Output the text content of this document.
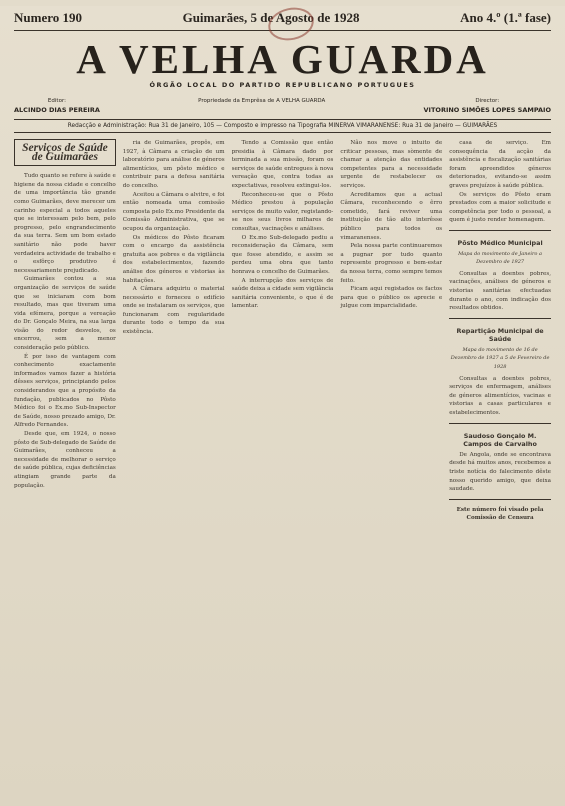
Numero 190	Guimarães, 5 de Agosto de 1928	Ano 4.º (1.ª fase)
A VELHA GUARDA
ÓRGÃO LOCAL DO PARTIDO REPUBLICANO PORTUGUES
Editor:
ALCINDO DIAS PEREIRA
Propriedade da Emprêsa de A VELHA GUARDA	Director:
VITORINO SIMÕES LOPES SAMPAIO
Redacção e Administração: Rua 31 de Janeiro, 105 — Composto e impresso na Tipografia MINERVA VIMARANENSE: Rua 31 de Janeiro — GUIMARÃES
Serviços de Saúde de Guimarães

Tudo quanto se refere à saúde e higiene da nossa cidade e concelho de uma importância tão grande como Guimarães, deve merecer um carinho especial a todos aqueles que se interessam pelo bem, pelo progresso, pelo engrandecimento da sua terra. Sem um bom estado sanitário não pode haver verdadeira actividade de trabalho e o esfôrço produtivo é necessariamente prejudicado.

Guimarães contou a sua organização de serviços de saúde que se iniciaram com bom resultado, mas que tiveram uma vida efémera, porque a vereação do Dr. Gonçalo Meira, na sua larga visão do redor desvelos, os encerrou, sem a menor consideração pelo público.

É por isso de vantagem com conhecimento exactamente informados vamos fazer a história dêsses serviços, principiando pelos considerandos que a propósito da fundação, publicados no Pôsto Médico foi o Ex.mo Sub-Inspector de Saúde, nosso prezado amigo, Dr. Alfredo Fernandes.

Desde que, em 1924, o nosso pôsto de Sub-delegado de Saúde de Guimarães, conheceu a necessidade de melhorar o serviço de saúde pública, cujas deficiências atingiam grande parte da população.

ria de Guimarães, propôs, em 1927, à Câmara a criação de um laboratório para análise de géneros alimentícios, um pôsto médico e contribuir para a defesa sanitária do concelho.

Aceitou a Câmara o alvitre, e foi então nomeada uma comissão composta pelo Ex.mo Presidente da Comissão Administrativa, que se ocupou da organização.

Os médicos do Pôsto ficaram com o encargo da assistência gratuita aos pobres e da vigilância dos estabelecimentos, fazendo análise dos géneros e vistorias às habitações.

A Câmara adquiriu o material necessário e forneceu o edifício onde se instalaram os serviços, que funcionaram com regularidade durante todo o tempo da sua existência.

Tendo a Comissão que então presidia à Câmara dado por terminada a sua missão, foram os serviços de saúde entregues à nova vereação que, contra todas as expectativas, resolveu extingui-los.

Reconheceu-se que o Pôsto Médico prestou à população serviços de muito valor, registando-se nos seus livros milhares de consultas, vacinações e análises.

O Ex.mo Sub-delegado pediu a reconsideração da Câmara, sem que fosse atendido, e assim se perdeu uma obra que tanto honrava o concelho de Guimarães.

A interrupção dos serviços de saúde deixa a cidade sem vigilância sanitária conveniente, o que é de lamentar.

Não nos move o intuito de criticar pessoas, mas sòmente de chamar a atenção das entidades competentes para a necessidade urgente de restabelecer os serviços.

Acreditamos que a actual Câmara, reconhecendo o êrro cometido, fará reviver uma instituição de tão alto interêsse público para todos os vimaranenses.

Pela nossa parte continuaremos a pugnar por tudo quanto represente progresso e bem-estar da nossa terra, como sempre temos feito.

Ficam aqui registados os factos para que o público os aprecie e julgue com imparcialidade.

casa de serviço. Em consequência da acção da assistência e fiscalização sanitárias foram apreendidos géneros deteriorados, evitando-se assim graves prejuízos à saúde pública.

Os serviços do Pôsto eram prestados com a maior solicitude e competência por todo o pessoal, a quem é justo render homenagem.

Pôsto Médico Municipal
Mapa do movimento de Janeiro a Dezembro de 1927

Consultas a doentes pobres, vacinações, análises de géneros e vistorias sanitárias efectuadas durante o ano, com indicação dos resultados obtidos.

Repartição Municipal de Saúde
Mapa do movimento de 16 de Dezembro de 1927 a 5 de Fevereiro de 1928

Consultas a doentes pobres, serviços de enfermagem, análises de géneros alimentícios, vacinas e vistorias a casas particulares e estabelecimentos.

Saudoso Gonçalo M. Campos de Carvalho

De Angola, onde se encontrava desde há muitos anos, recebemos a triste notícia do falecimento dêste nosso querido amigo, que deixa saudade.

Este número foi visado pela Comissão de Censura
